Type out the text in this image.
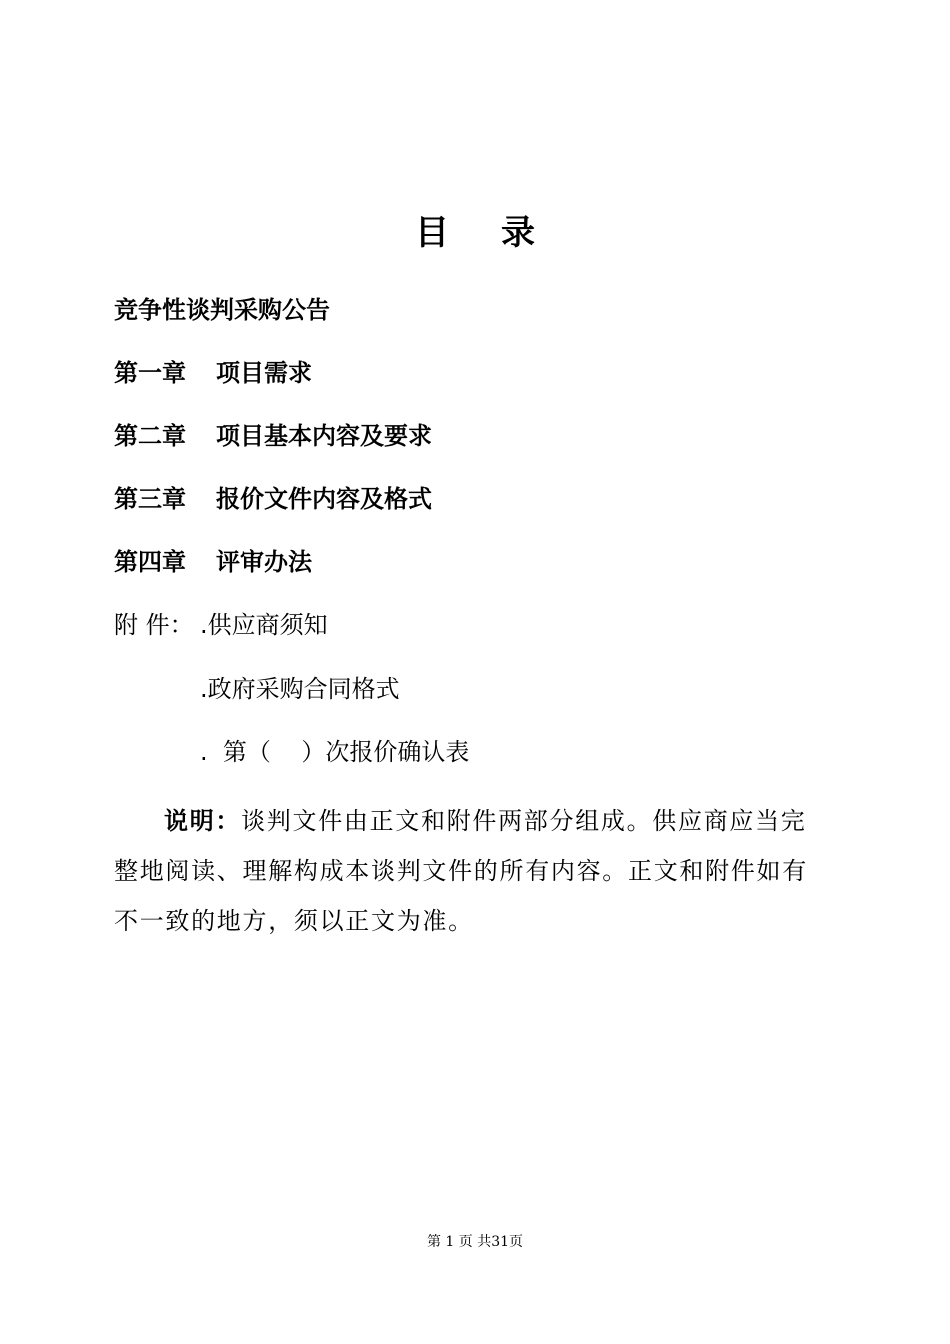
目 录
竞争性谈判采购公告
第一章 项目需求
第二章 项目基本内容及要求
第三章 报价文件内容及格式
第四章 评审办法
附 件： .供应商须知
.政府采购合同格式
.  第（    ）次报价确认表
说明：谈判文件由正文和附件两部分组成。供应商应当完整地阅读、理解构成本谈判文件的所有内容。正文和附件如有不一致的地方，须以正文为准。
第 1 页 共31页
